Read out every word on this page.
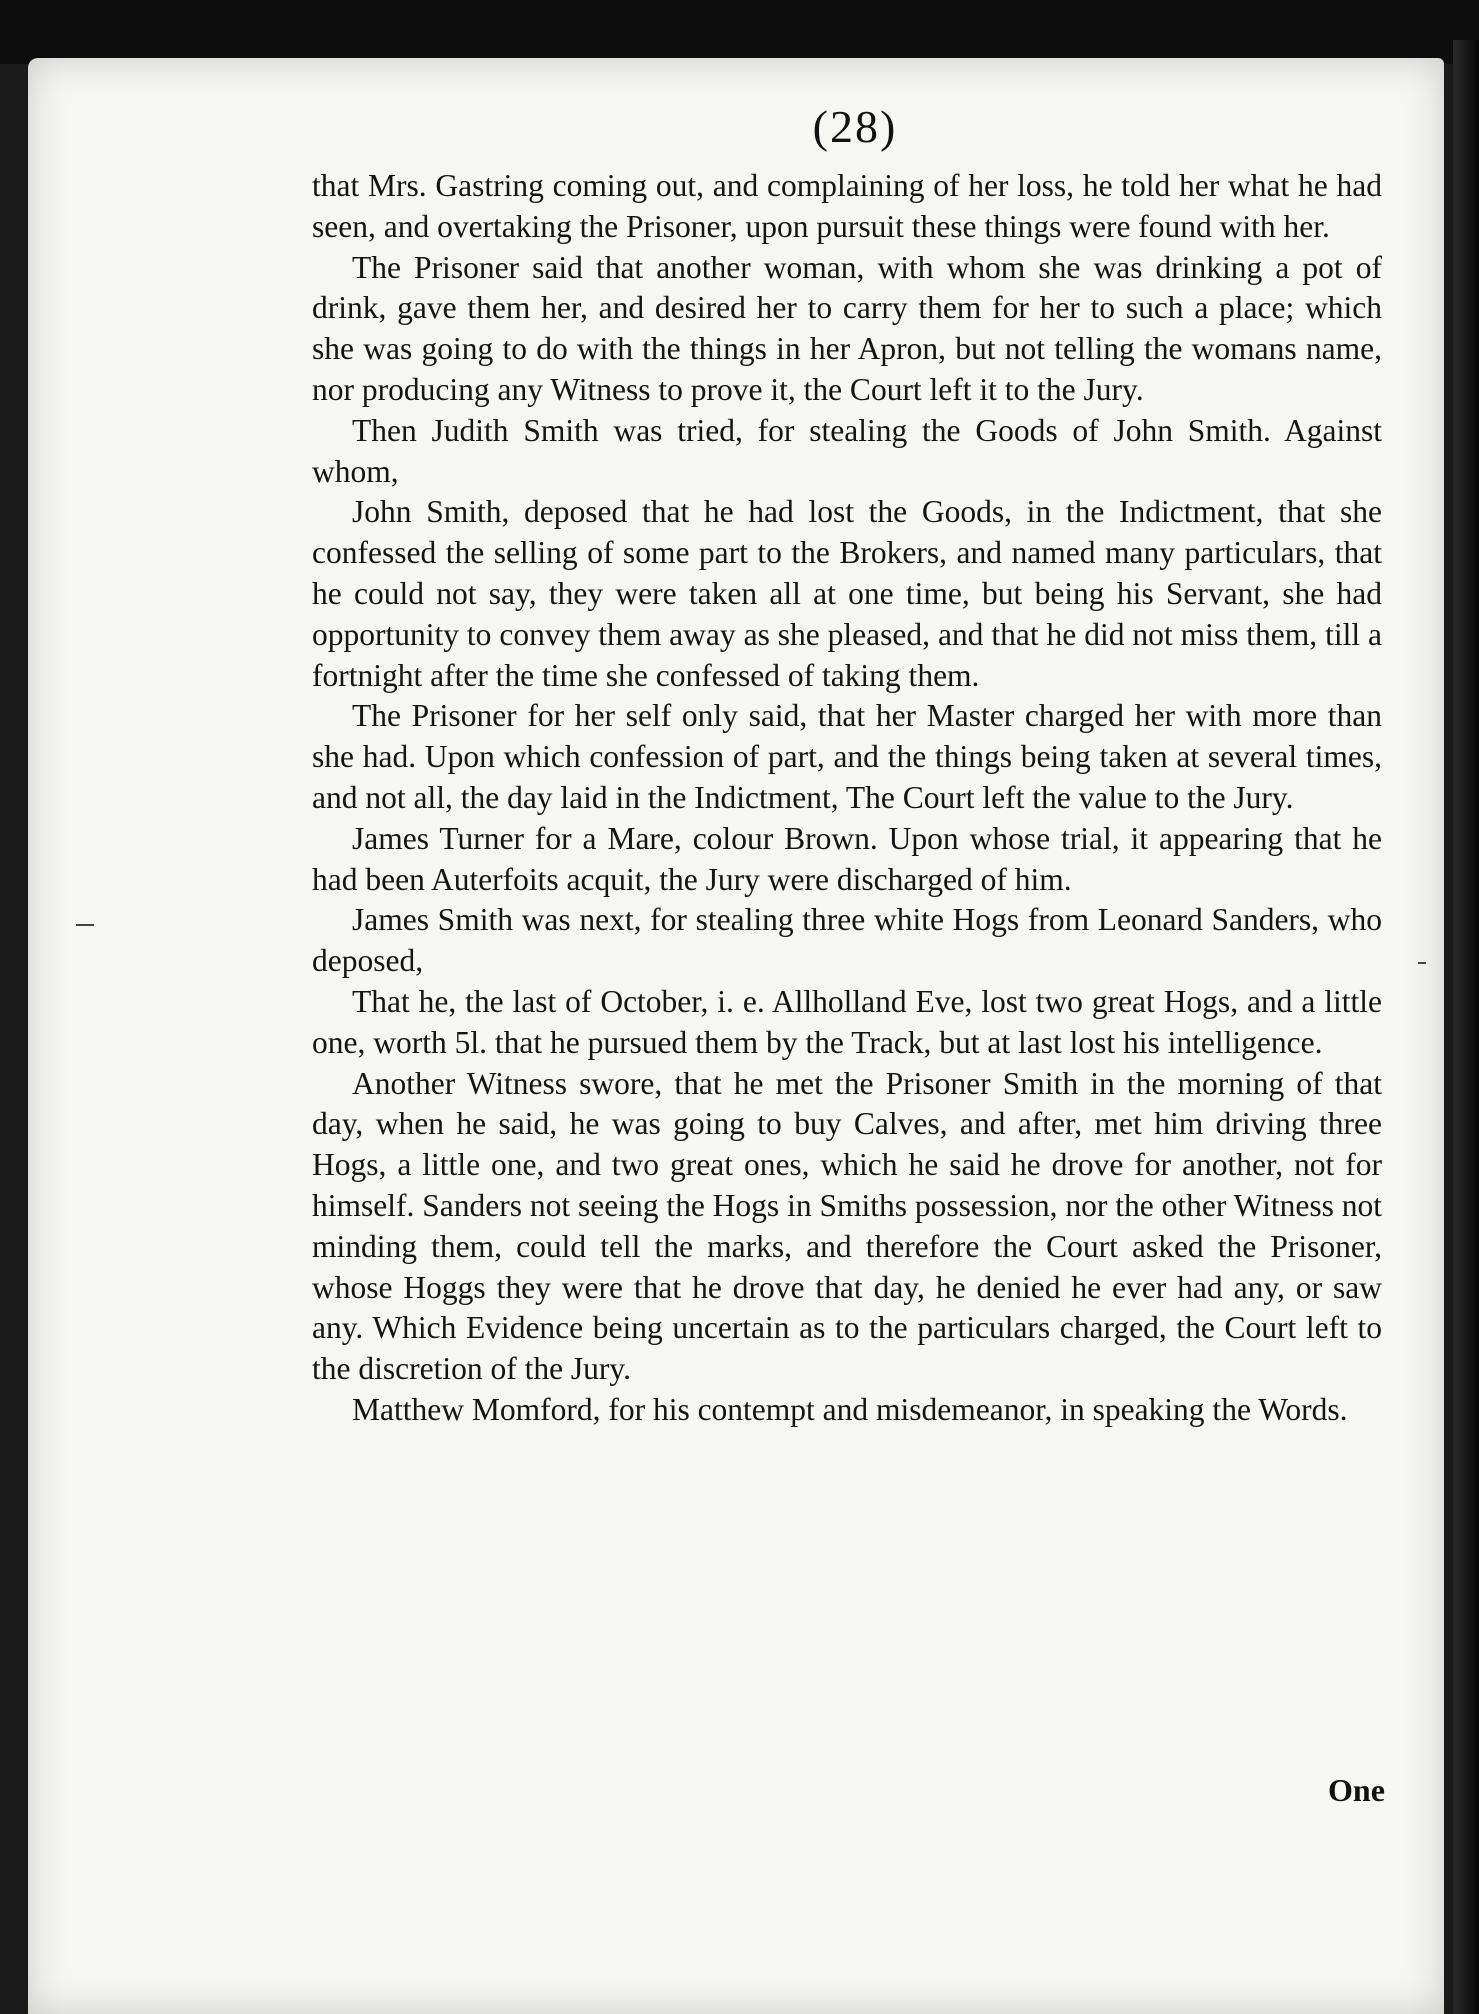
(28)

that Mrs. Gastring coming out, and complaining of her loss, he told her what he had seen, and overtaking the Prisoner, upon pursuit these things were found with her.

The Prisoner said that another woman, with whom she was drinking a pot of drink, gave them her, and desired her to carry them for her to such a place; which she was going to do with the things in her Apron, but not telling the womans name, nor producing any Witness to prove it, the Court left it to the Jury.

Then Judith Smith was tried, for stealing the Goods of John Smith. Against whom,

John Smith, deposed that he had lost the Goods, in the Indictment, that she confessed the selling of some part to the Brokers, and named many particulars, that he could not say, they were taken all at one time, but being his Servant, she had opportunity to convey them away as she pleased, and that he did not miss them, till a fortnight after the time she confessed of taking them.

The Prisoner for her self only said, that her Master charged her with more than she had. Upon which confession of part, and the things being taken at several times, and not all, the day laid in the Indictment, The Court left the value to the Jury.

James Turner for a Mare, colour Brown. Upon whose trial, it appearing that he had been Auterfoits acquit, the Jury were discharged of him.

James Smith was next, for stealing three white Hogs from Leonard Sanders, who deposed,

That he, the last of October, i. e. Allholland Eve, lost two great Hogs, and a little one, worth 5l. that he pursued them by the Track, but at last lost his intelligence.

Another Witness swore, that he met the Prisoner Smith in the morning of that day, when he said, he was going to buy Calves, and after, met him driving three Hogs, a little one, and two great ones, which he said he drove for another, not for himself. Sanders not seeing the Hogs in Smiths possession, nor the other Witness not minding them, could tell the marks, and therefore the Court asked the Prisoner, whose Hoggs they were that he drove that day, he denied he ever had any, or saw any. Which Evidence being uncertain as to the particulars charged, the Court left to the discretion of the Jury.

Matthew Momford, for his contempt and misdemeanor, in speaking the Words.

One
